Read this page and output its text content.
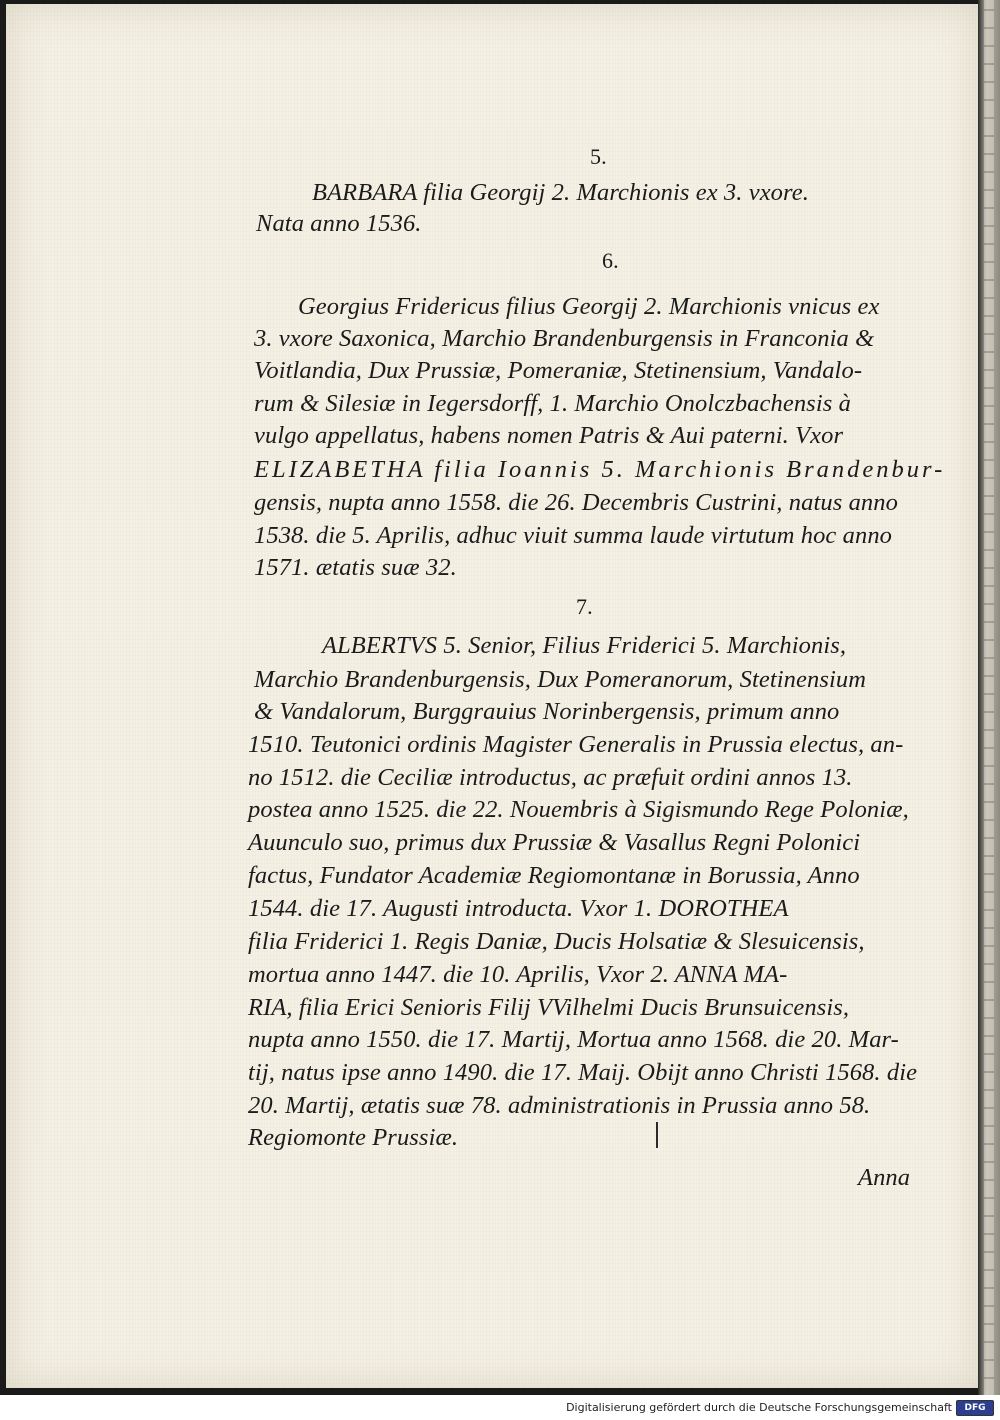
5.
BARBARA filia Georgij 2. Marchionis ex 3. vxore.
Nata anno 1536.
6.
Georgius Fridericus filius Georgij 2. Marchionis vnicus ex
3. vxore Saxonica, Marchio Brandenburgensis in Franconia &
Voitlandia, Dux Prussiæ, Pomeraniæ, Stetinensium, Vandalo-
rum & Silesiæ in Iegersdorff, 1. Marchio Onolczbachensis à
vulgo appellatus, habens nomen Patris & Aui paterni. Vxor
ELIZABETHA filia Ioannis 5. Marchionis Brandenbur-
gensis, nupta anno 1558. die 26. Decembris Custrini, natus anno
1538. die 5. Aprilis, adhuc viuit summa laude virtutum hoc anno
1571. ætatis suæ 32.
7.
ALBERTVS 5. Senior, Filius Friderici 5. Marchionis,
Marchio Brandenburgensis, Dux Pomeranorum, Stetinensium
& Vandalorum, Burggrauius Norinbergensis, primum anno
1510. Teutonici ordinis Magister Generalis in Prussia electus, an-
no 1512. die Ceciliæ introductus, ac præfuit ordini annos 13.
postea anno 1525. die 22. Nouembris à Sigismundo Rege Poloniæ,
Auunculo suo, primus dux Prussiæ & Vasallus Regni Polonici
factus, Fundator Academiæ Regiomontanæ in Borussia, Anno
1544. die 17. Augusti introducta. Vxor 1. DOROTHEA
filia Friderici 1. Regis Daniæ, Ducis Holsatiæ & Slesuicensis,
mortua anno 1447. die 10. Aprilis, Vxor 2. ANNA MA-
RIA, filia Erici Senioris Filij VVilhelmi Ducis Brunsuicensis,
nupta anno 1550. die 17. Martij, Mortua anno 1568. die 20. Mar-
tij, natus ipse anno 1490. die 17. Maij. Obijt anno Christi 1568. die
20. Martij, ætatis suæ 78. administrationis in Prussia anno 58.
Regiomonte Prussiæ.
Anna
Digitalisierung gefördert durch die Deutsche Forschungsgemeinschaft	DFG
